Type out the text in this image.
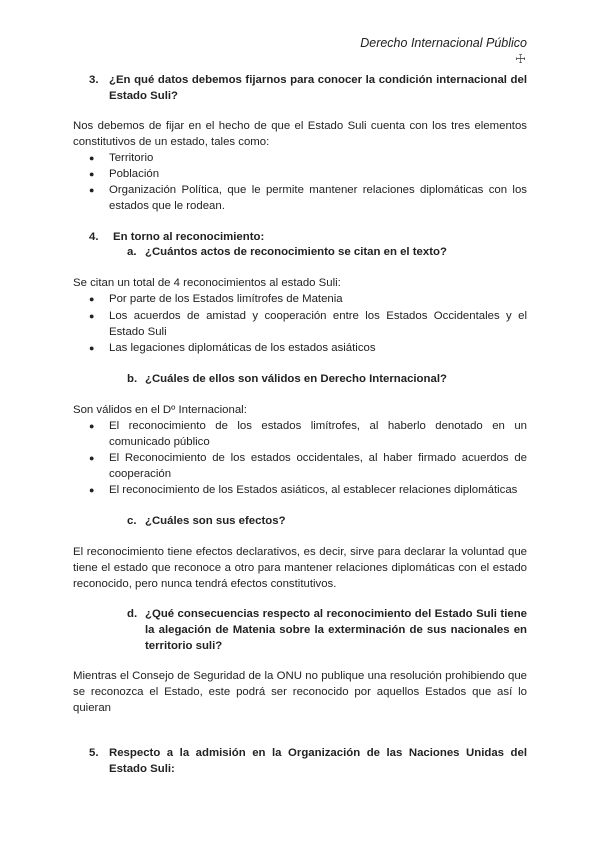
Derecho Internacional Público
☩
3. ¿En qué datos debemos fijarnos para conocer la condición internacional del Estado Suli?
Nos debemos de fijar en el hecho de que el Estado Suli cuenta con los tres elementos constitutivos de un estado, tales como:
● Territorio
● Población
● Organización Política, que le permite mantener relaciones diplomáticas con los estados que le rodean.
4. En torno al reconocimiento:
a. ¿Cuántos actos de reconocimiento se citan en el texto?
Se citan un total de 4 reconocimientos al estado Suli:
● Por parte de los Estados limítrofes de Matenia
● Los acuerdos de amistad y cooperación entre los Estados Occidentales y el Estado Suli
● Las legaciones diplomáticas de los estados asiáticos
b. ¿Cuáles de ellos son válidos en Derecho Internacional?
Son válidos en el Dº Internacional:
● El reconocimiento de los estados limítrofes, al haberlo denotado en un comunicado público
● El Reconocimiento de los estados occidentales, al haber firmado acuerdos de cooperación
● El reconocimiento de los Estados asiáticos, al establecer relaciones diplomáticas
c. ¿Cuáles son sus efectos?
El reconocimiento tiene efectos declarativos, es decir, sirve para declarar la voluntad que tiene el estado que reconoce a otro para mantener relaciones diplomáticas con el estado reconocido, pero nunca tendrá efectos constitutivos.
d. ¿Qué consecuencias respecto al reconocimiento del Estado Suli tiene la alegación de Matenia sobre la exterminación de sus nacionales en territorio suli?
Mientras el Consejo de Seguridad de la ONU no publique una resolución prohibiendo que se reconozca el Estado, este podrá ser reconocido por aquellos Estados que así lo quieran
5. Respecto a la admisión en la Organización de las Naciones Unidas del Estado Suli:
